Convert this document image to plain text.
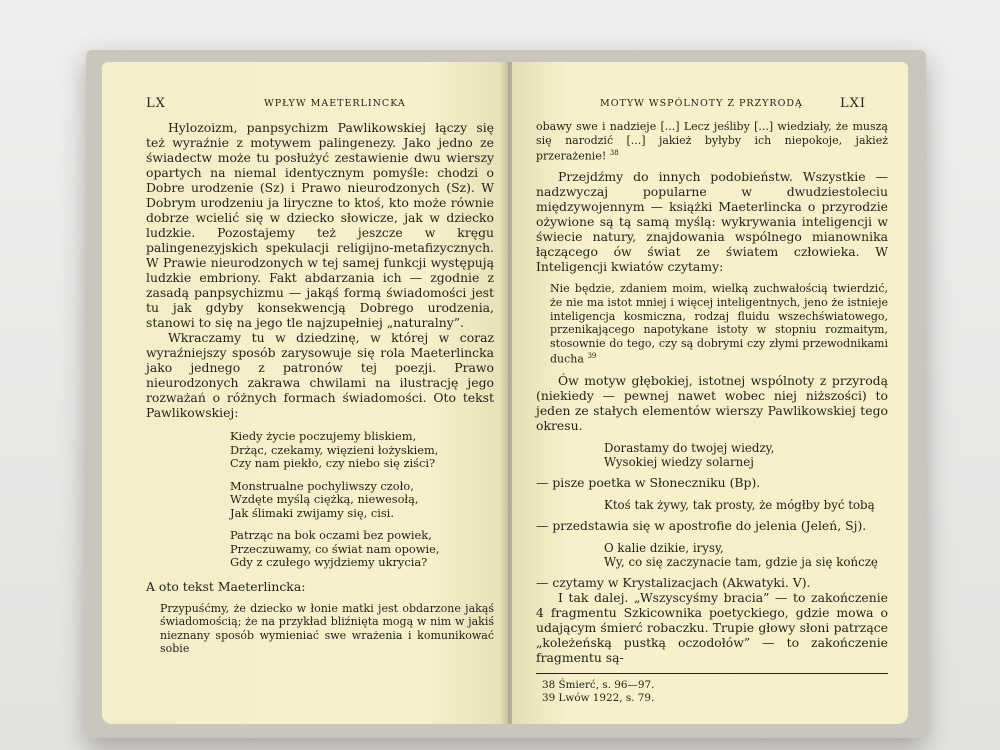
LX	WPŁYW MAETERLINCKA

Hylozoizm, panpsychizm Pawlikowskiej łączy się też wyraźnie z motywem palingenezy. Jako jedno ze świadectw może tu posłużyć zestawienie dwu wierszy opartych na niemal identycznym pomyśle: chodzi o Dobre urodzenie (Sz) i Prawo nieurodzonych (Sz). W Dobrym urodzeniu ja liryczne to ktoś, kto może równie dobrze wcielić się w dziecko słowicze, jak w dziecko ludzkie. Pozostajemy też jeszcze w kręgu palingenezyjskich spekulacji religijno-metafizycznych. W Prawie nieurodzonych w tej samej funkcji występują ludzkie embriony. Fakt abdarzania ich — zgodnie z zasadą panpsychizmu — jakąś formą świadomości jest tu jak gdyby konsekwencją Dobrego urodzenia, stanowi to się na jego tle najzupełniej „naturalny”.

Wkraczamy tu w dziedzinę, w której w coraz wyraźniejszy sposób zarysowuje się rola Maeterlincka jako jednego z patronów tej poezji. Prawo nieurodzonych zakrawa chwilami na ilustrację jego rozważań o różnych formach świadomości. Oto tekst Pawlikowskiej:

Kiedy życie poczujemy bliskiem,
Drżąc, czekamy, więzieni łożyskiem,
Czy nam piekło, czy niebo się ziści?
Monstrualne pochyliwszy czoło,
Wzdęte myślą ciężką, niewesołą,
Jak ślimaki zwijamy się, cisi.
Patrząc na bok oczami bez powiek,
Przeczuwamy, co świat nam opowie,
Gdy z czułego wyjdziemy ukrycia?

A oto tekst Maeterlincka:

Przypuśćmy, że dziecko w łonie matki jest obdarzone jakąś świadomością; że na przykład bliźnięta mogą w nim w jakiś nieznany sposób wymieniać swe wrażenia i komunikować sobie

MOTYW WSPÓLNOTY Z PRZYRODĄ	LXI

obawy swe i nadzieje [...] Lecz jeśliby [...] wiedziały, że muszą się narodzić [...] jakież byłyby ich niepokoje, jakież przerażenie! $^{38}$

Przejdźmy do innych podobieństw. Wszystkie — nadzwyczaj popularne w dwudziestoleciu międzywojennym — książki Maeterlincka o przyrodzie ożywione są tą samą myślą: wykrywania inteligencji w świecie natury, znajdowania wspólnego mianownika łączącego ów świat ze światem człowieka. W Inteligencji kwiatów czytamy:

Nie będzie, zdaniem moim, wielką zuchwałością twierdzić, że nie ma istot mniej i więcej inteligentnych, jeno że istnieje inteligencja kosmiczna, rodzaj fluidu wszechświatowego, przenikającego napotykane istoty w stopniu rozmaitym, stosownie do tego, czy są dobrymi czy złymi przewodnikami ducha $^{39}$

Ów motyw głębokiej, istotnej wspólnoty z przyrodą (niekiedy — pewnej nawet wobec niej niższości) to jeden ze stałych elementów wierszy Pawlikowskiej tego okresu.

Dorastamy do twojej wiedzy,
Wysokiej wiedzy solarnej

— pisze poetka w Słoneczniku (Bp).

Ktoś tak żywy, tak prosty, że mógłby być tobą

— przedstawia się w apostrofie do jelenia (Jeleń, Sj).

O kalie dzikie, irysy,
Wy, co się zaczynacie tam, gdzie ja się kończę

— czytamy w Krystalizacjach (Akwatyki. V).

I tak dalej. „Wszyscyśmy bracia” — to zakończenie 4 fragmentu Szkicownika poetyckiego, gdzie mowa o udającym śmierć robaczku. Trupie głowy słoni patrzące „koleżeńską pustką oczodołów” — to zakończenie fragmentu są-

38 Śmierć, s. 96—97.
39 Lwów 1922, s. 79.
